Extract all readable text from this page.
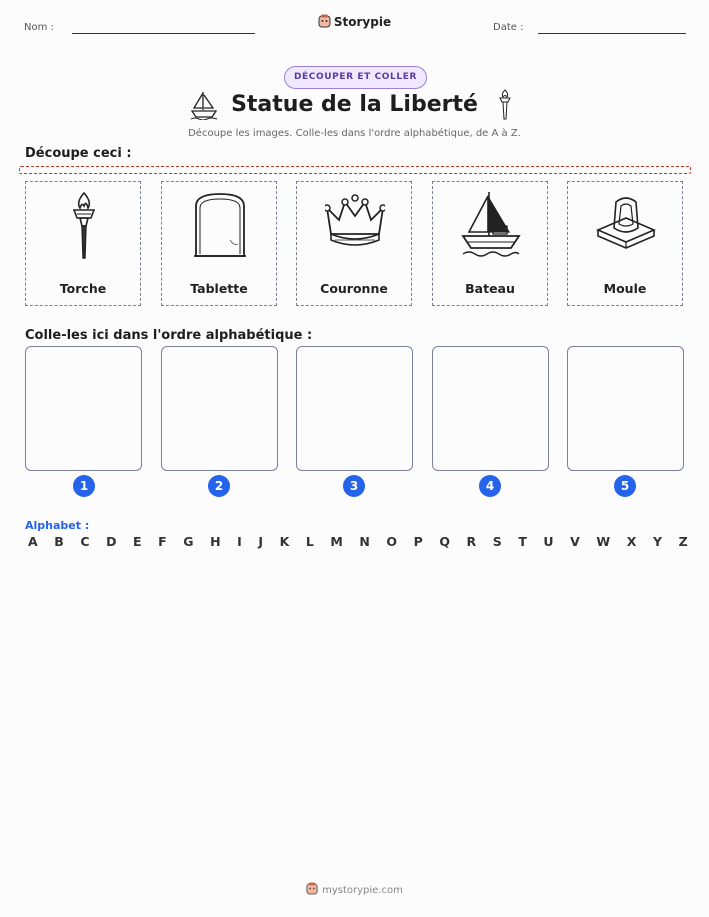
Nom :	Storypie	Date :
DÉCOUPER ET COLLER
Statue de la Liberté
Découpe les images. Colle-les dans l'ordre alphabétique, de A à Z.
Découpe ceci :
Torche	Tablette	Couronne	Bateau	Moule
Colle-les ici dans l'ordre alphabétique :
1	2	3	4	5
Alphabet :
A B C D E F G H I J K L M N O P Q R S T U V W X Y Z
mystorypie.com
